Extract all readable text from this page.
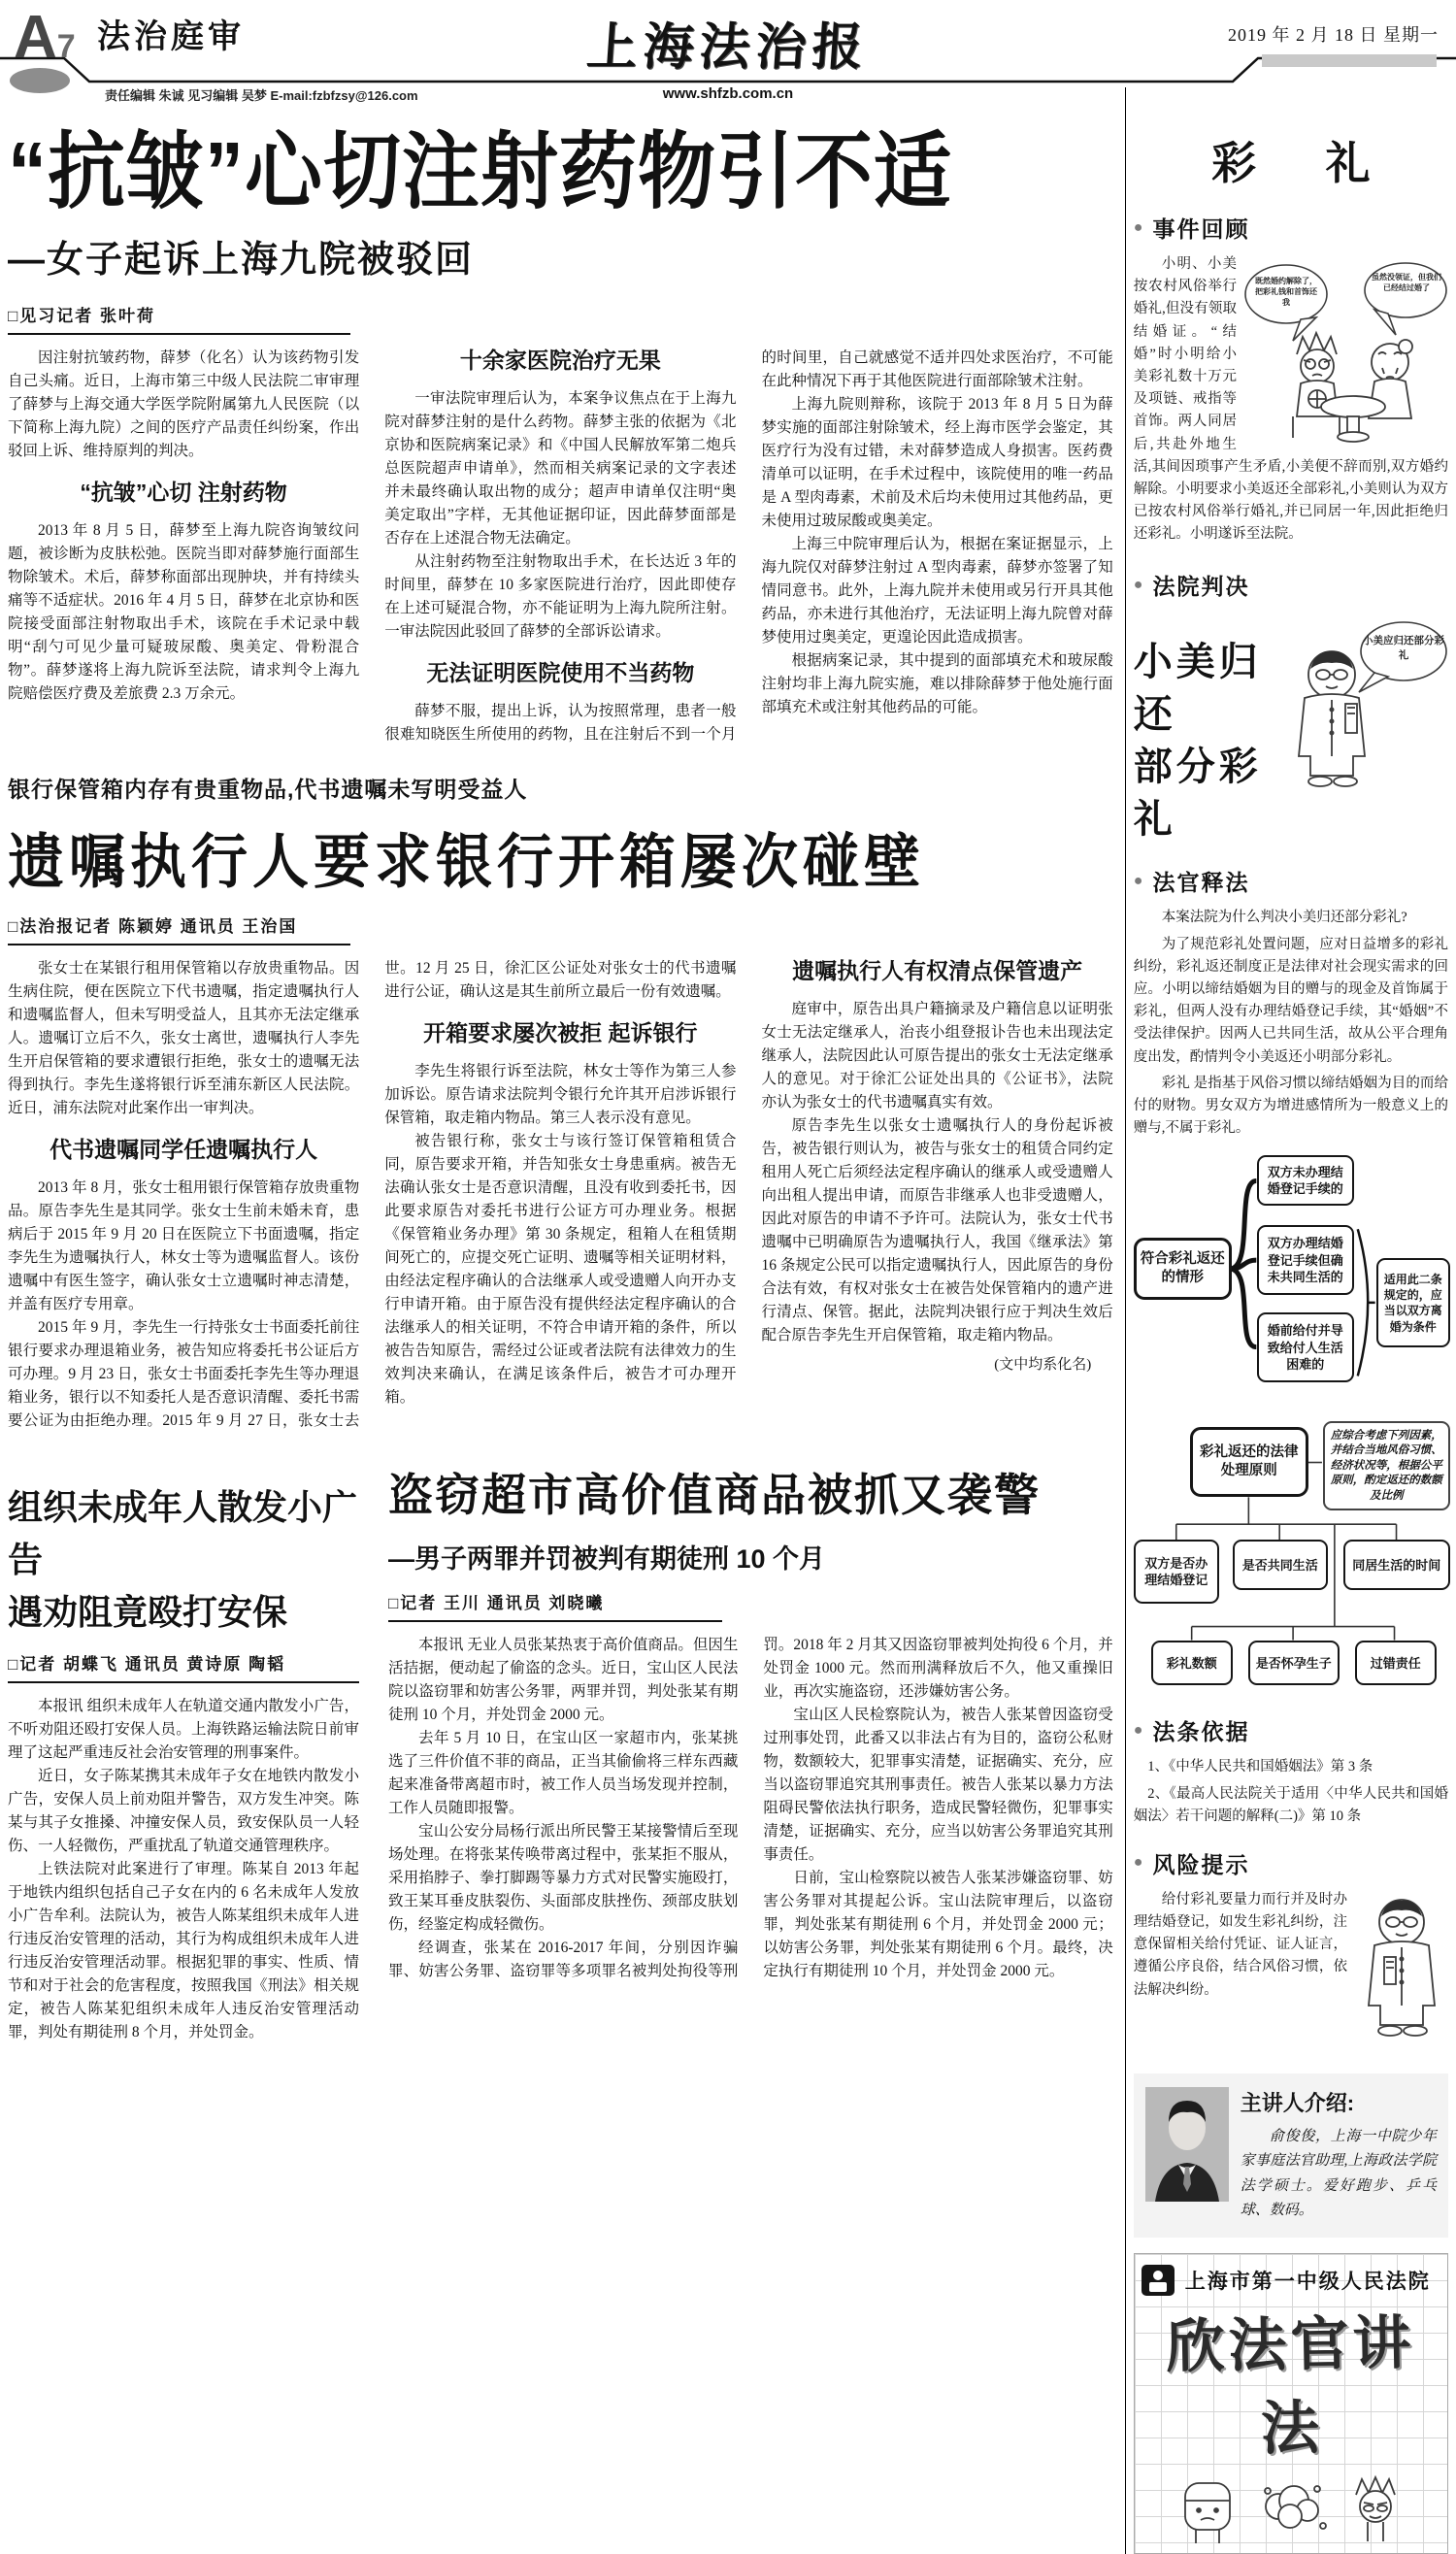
A7 法治庭审
责任编辑 朱诚 见习编辑 吴梦 E-mail:fzbfzsy@126.com
上海法治报
www.shfzb.com.cn
2019 年 2 月 18 日 星期一
“抗皱”心切注射药物引不适
—女子起诉上海九院被驳回
□见习记者 张叶荷

因注射抗皱药物，薛梦（化名）认为该药物引发自己头痛。近日，上海市第三中级人民法院二审审理了薛梦与上海交通大学医学院附属第九人民医院（以下简称上海九院）之间的医疗产品责任纠纷案，作出驳回上诉、维持原判的判决。

“抗皱”心切 注射药物

2013 年 8 月 5 日，薛梦至上海九院咨询皱纹问题，被诊断为皮肤松弛。医院当即对薛梦施行面部生物除皱术。术后，薛梦称面部出现肿块，并有持续头痛等不适症状。2016 年 4 月 5 日，薛梦在北京协和医院接受面部注射物取出手术，该院在手术记录中载明“刮勺可见少量可疑玻尿酸、奥美定、骨粉混合物”。薛梦遂将上海九院诉至法院，请求判令上海九院赔偿医疗费及差旅费 2.3 万余元。

十余家医院治疗无果

一审法院审理后认为，本案争议焦点在于上海九院对薛梦注射的是什么药物。薛梦主张的依据为《北京协和医院病案记录》和《中国人民解放军第二炮兵总医院超声申请单》，然而相关病案记录的文字表述并未最终确认取出物的成分；超声申请单仅注明“奥美定取出”字样，无其他证据印证，因此薛梦面部是否存在上述混合物无法确定。

从注射药物至注射物取出手术，在长达近 3 年的时间里，薛梦在 10 多家医院进行治疗，因此即使存在上述可疑混合物，亦不能证明为上海九院所注射。一审法院因此驳回了薛梦的全部诉讼请求。

无法证明医院使用不当药物

薛梦不服，提出上诉，认为按照常理，患者一般很难知晓医生所使用的药物，且在注射后不到一个月的时间里，自己就感觉不适并四处求医治疗，不可能在此种情况下再于其他医院进行面部除皱术注射。

上海九院则辩称，该院于 2013 年 8 月 5 日为薛梦实施的面部注射除皱术，经上海市医学会鉴定，其医疗行为没有过错，未对薛梦造成人身损害。医药费清单可以证明，在手术过程中，该院使用的唯一药品是 A 型肉毒素，术前及术后均未使用过其他药品，更未使用过玻尿酸或奥美定。

上海三中院审理后认为，根据在案证据显示，上海九院仅对薛梦注射过 A 型肉毒素，薛梦亦签署了知情同意书。此外，上海九院并未使用或另行开具其他药品，亦未进行其他治疗，无法证明上海九院曾对薛梦使用过奥美定，更遑论因此造成损害。

根据病案记录，其中提到的面部填充术和玻尿酸注射均非上海九院实施，难以排除薛梦于他处施行面部填充术或注射其他药品的可能。

银行保管箱内存有贵重物品,代书遗嘱未写明受益人
遗嘱执行人要求银行开箱屡次碰壁
□法治报记者 陈颖婷 通讯员 王治国

张女士在某银行租用保管箱以存放贵重物品。因生病住院，便在医院立下代书遗嘱，指定遗嘱执行人和遗嘱监督人，但未写明受益人，且其亦无法定继承人。遗嘱订立后不久，张女士离世，遗嘱执行人李先生开启保管箱的要求遭银行拒绝，张女士的遗嘱无法得到执行。李先生遂将银行诉至浦东新区人民法院。近日，浦东法院对此案作出一审判决。

代书遗嘱同学任遗嘱执行人

2013 年 8 月，张女士租用银行保管箱存放贵重物品。原告李先生是其同学。张女士生前未婚未育，患病后于 2015 年 9 月 20 日在医院立下书面遗嘱，指定李先生为遗嘱执行人，林女士等为遗嘱监督人。该份遗嘱中有医生签字，确认张女士立遗嘱时神志清楚，并盖有医疗专用章。

2015 年 9 月，李先生一行持张女士书面委托前往银行要求办理退箱业务，被告知应将委托书公证后方可办理。9 月 23 日，张女士书面委托李先生等办理退箱业务，银行以不知委托人是否意识清醒、委托书需要公证为由拒绝办理。2015 年 9 月 27 日，张女士去世。12 月 25 日，徐汇区公证处对张女士的代书遗嘱进行公证，确认这是其生前所立最后一份有效遗嘱。

开箱要求屡次被拒 起诉银行

李先生将银行诉至法院，林女士等作为第三人参加诉讼。原告请求法院判令银行允许其开启涉诉银行保管箱，取走箱内物品。第三人表示没有意见。

被告银行称，张女士与该行签订保管箱租赁合同，原告要求开箱，并告知张女士身患重病。被告无法确认张女士是否意识清醒，且没有收到委托书，因此要求原告对委托书进行公证方可办理业务。根据《保管箱业务办理》第 30 条规定，租箱人在租赁期间死亡的，应提交死亡证明、遗嘱等相关证明材料，由经法定程序确认的合法继承人或受遗赠人向开办支行申请开箱。由于原告没有提供经法定程序确认的合法继承人的相关证明，不符合申请开箱的条件，所以被告告知原告，需经过公证或者法院有法律效力的生效判决来确认，在满足该条件后，被告才可办理开箱。

遗嘱执行人有权清点保管遗产

庭审中，原告出具户籍摘录及户籍信息以证明张女士无法定继承人，治丧小组登报讣告也未出现法定继承人，法院因此认可原告提出的张女士无法定继承人的意见。对于徐汇公证处出具的《公证书》，法院亦认为张女士的代书遗嘱真实有效。

原告李先生以张女士遗嘱执行人的身份起诉被告，被告银行则认为，被告与张女士的租赁合同约定租用人死亡后须经法定程序确认的继承人或受遗赠人向出租人提出申请，而原告非继承人也非受遗赠人，因此对原告的申请不予许可。法院认为，张女士代书遗嘱中已明确原告为遗嘱执行人，我国《继承法》第 16 条规定公民可以指定遗嘱执行人，因此原告的身份合法有效，有权对张女士在被告处保管箱内的遗产进行清点、保管。据此，法院判决银行应于判决生效后配合原告李先生开启保管箱，取走箱内物品。

(文中均系化名)

组织未成年人散发小广告
遇劝阻竟殴打安保
□记者 胡蝶飞 通讯员 黄诗原 陶韬

本报讯 组织未成年人在轨道交通内散发小广告，不听劝阻还殴打安保人员。上海铁路运输法院日前审理了这起严重违反社会治安管理的刑事案件。

近日，女子陈某携其未成年子女在地铁内散发小广告，安保人员上前劝阻并警告，双方发生冲突。陈某与其子女推搡、冲撞安保人员，致安保队员一人轻伤、一人轻微伤，严重扰乱了轨道交通管理秩序。

上铁法院对此案进行了审理。陈某自 2013 年起于地铁内组织包括自己子女在内的 6 名未成年人发放小广告牟利。法院认为，被告人陈某组织未成年人进行违反治安管理的活动，其行为构成组织未成年人进行违反治安管理活动罪。根据犯罪的事实、性质、情节和对于社会的危害程度，按照我国《刑法》相关规定，被告人陈某犯组织未成年人违反治安管理活动罪，判处有期徒刑 8 个月，并处罚金。

盗窃超市高价值商品被抓又袭警
—男子两罪并罚被判有期徒刑 10 个月
□记者 王川 通讯员 刘晓曦

本报讯 无业人员张某热衷于高价值商品。但因生活拮据，便动起了偷盗的念头。近日，宝山区人民法院以盗窃罪和妨害公务罪，两罪并罚，判处张某有期徒刑 10 个月，并处罚金 2000 元。

去年 5 月 10 日，在宝山区一家超市内，张某挑选了三件价值不菲的商品，正当其偷偷将三样东西藏起来准备带离超市时，被工作人员当场发现并控制，工作人员随即报警。

宝山公安分局杨行派出所民警王某接警情后至现场处理。在将张某传唤带离过程中，张某拒不服从，采用掐脖子、拳打脚踢等暴力方式对民警实施殴打，致王某耳垂皮肤裂伤、头面部皮肤挫伤、颈部皮肤划伤，经鉴定构成轻微伤。

经调查，张某在 2016-2017 年间，分别因诈骗罪、妨害公务罪、盗窃罪等多项罪名被判处拘役等刑罚。2018 年 2 月其又因盗窃罪被判处拘役 6 个月，并处罚金 1000 元。然而刑满释放后不久，他又重操旧业，再次实施盗窃，还涉嫌妨害公务。

宝山区人民检察院认为，被告人张某曾因盗窃受过刑事处罚，此番又以非法占有为目的，盗窃公私财物，数额较大，犯罪事实清楚，证据确实、充分，应当以盗窃罪追究其刑事责任。被告人张某以暴力方法阻碍民警依法执行职务，造成民警轻微伤，犯罪事实清楚，证据确实、充分，应当以妨害公务罪追究其刑事责任。

日前，宝山检察院以被告人张某涉嫌盗窃罪、妨害公务罪对其提起公诉。宝山法院审理后，以盗窃罪，判处张某有期徒刑 6 个月，并处罚金 2000 元；以妨害公务罪，判处张某有期徒刑 6 个月。最终，决定执行有期徒刑 10 个月，并处罚金 2000 元。

彩 礼
● 事件回顾
既然婚约解除了，把彩礼钱和首饰还我
虽然没领证，但我们已经结过婚了

小明、小美按农村风俗举行婚礼,但没有领取结婚证。“结婚”时小明给小美彩礼数十万元及项链、戒指等首饰。两人同居后,共赴外地生活,其间因琐事产生矛盾,小美便不辞而别,双方婚约解除。小明要求小美返还全部彩礼,小美则认为双方已按农村风俗举行婚礼,并已同居一年,因此拒绝归还彩礼。小明遂诉至法院。

● 法院判决
小美归还
部分彩礼
小美应归还部分彩礼
● 法官释法

本案法院为什么判决小美归还部分彩礼?

为了规范彩礼处置问题，应对日益增多的彩礼纠纷，彩礼返还制度正是法律对社会现实需求的回应。小明以缔结婚姻为目的赠与的现金及首饰属于彩礼，但两人没有办理结婚登记手续，其“婚姻”不受法律保护。因两人已共同生活，故从公平合理角度出发，酌情判令小美返还小明部分彩礼。

彩礼 是指基于风俗习惯以缔结婚姻为目的而给付的财物。男女双方为增进感情所为一般意义上的赠与,不属于彩礼。

符合彩礼返还的情形
双方未办理结婚登记手续的
双方办理结婚登记手续但确未共同生活的
婚前给付并导致给付人生活困难的
适用此二条规定的，应当以双方离婚为条件
彩礼返还的法律处理原则
应综合考虑下列因素，并结合当地风俗习惯、经济状况等，根据公平原则，酌定返还的数额及比例
双方是否办理结婚登记
是否共同生活	同居生活的时间
彩礼数额	是否怀孕生子	过错责任
● 法条依据

1、《中华人民共和国婚姻法》第 3 条

2、《最高人民法院关于适用〈中华人民共和国婚姻法〉若干问题的解释(二)》第 10 条

● 风险提示

给付彩礼要量力而行并及时办理结婚登记，如发生彩礼纠纷，注意保留相关给付凭证、证人证言，遵循公序良俗，结合风俗习惯，依法解决纠纷。

主讲人介绍:

俞俊俊，上海一中院少年家事庭法官助理,上海政法学院法学硕士。爱好跑步、乒乓球、数码。

上海市第一中级人民法院
欣法官讲法
